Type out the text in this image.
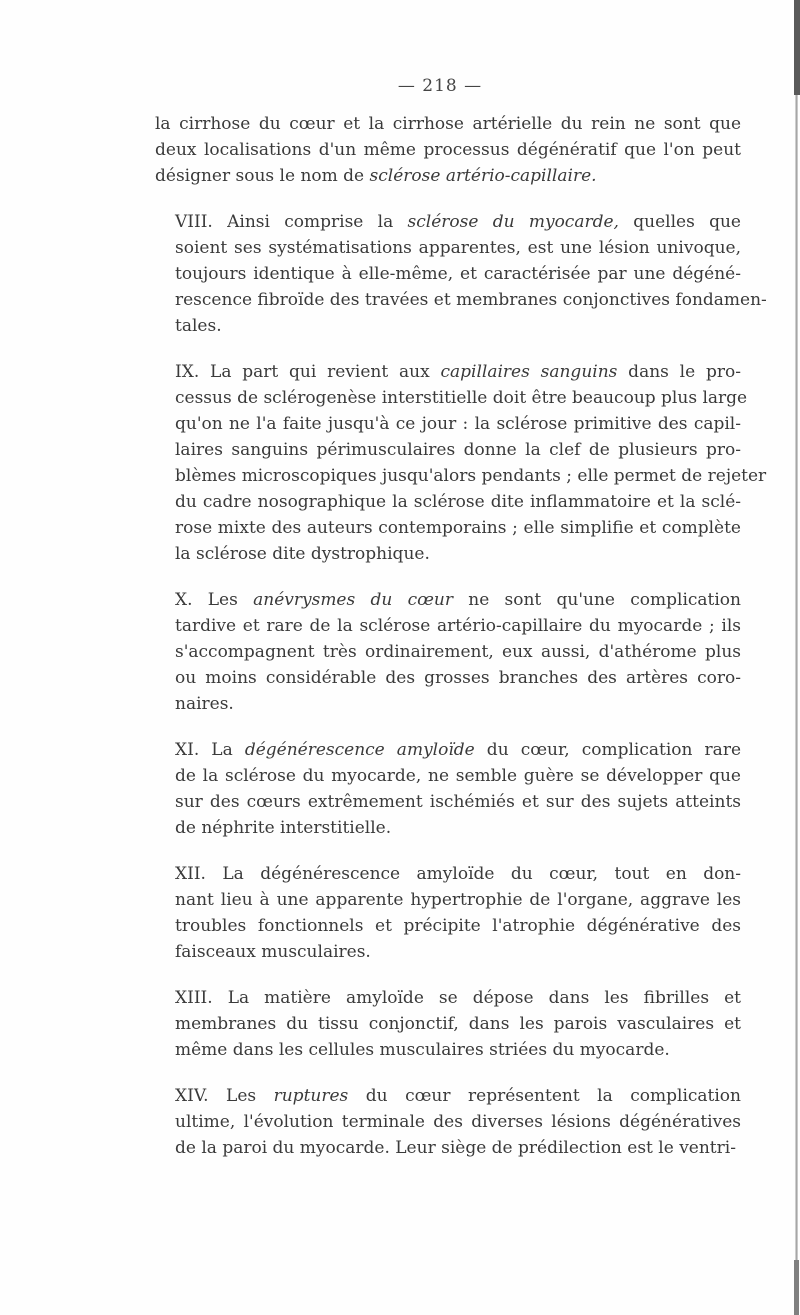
— 218 —
la cirrhose du cœur et la cirrhose artérielle du rein ne sont que
deux localisations d'un même processus dégénératif que l'on peut
désigner sous le nom de sclérose artério-capillaire.
VIII. Ainsi comprise la sclérose du myocarde, quelles que
soient ses systématisations apparentes, est une lésion univoque,
toujours identique à elle-même, et caractérisée par une dégéné-
rescence fibroïde des travées et membranes conjonctives fondamen-
tales.
IX. La part qui revient aux capillaires sanguins dans le pro-
cessus de sclérogenèse interstitielle doit être beaucoup plus large
qu'on ne l'a faite jusqu'à ce jour : la sclérose primitive des capil-
laires sanguins périmusculaires donne la clef de plusieurs pro-
blèmes microscopiques jusqu'alors pendants ; elle permet de rejeter
du cadre nosographique la sclérose dite inflammatoire et la sclé-
rose mixte des auteurs contemporains ; elle simplifie et complète
la sclérose dite dystrophique.
X. Les anévrysmes du cœur ne sont qu'une complication
tardive et rare de la sclérose artério-capillaire du myocarde ; ils
s'accompagnent très ordinairement, eux aussi, d'athérome plus
ou moins considérable des grosses branches des artères coro-
naires.
XI. La dégénérescence amyloïde du cœur, complication rare
de la sclérose du myocarde, ne semble guère se développer que
sur des cœurs extrêmement ischémiés et sur des sujets atteints
de néphrite interstitielle.
XII. La dégénérescence amyloïde du cœur, tout en don-
nant lieu à une apparente hypertrophie de l'organe, aggrave les
troubles fonctionnels et précipite l'atrophie dégénérative des
faisceaux musculaires.
XIII. La matière amyloïde se dépose dans les fibrilles et
membranes du tissu conjonctif, dans les parois vasculaires et
même dans les cellules musculaires striées du myocarde.
XIV. Les ruptures du cœur représentent la complication
ultime, l'évolution terminale des diverses lésions dégénératives
de la paroi du myocarde. Leur siège de prédilection est le ventri-
